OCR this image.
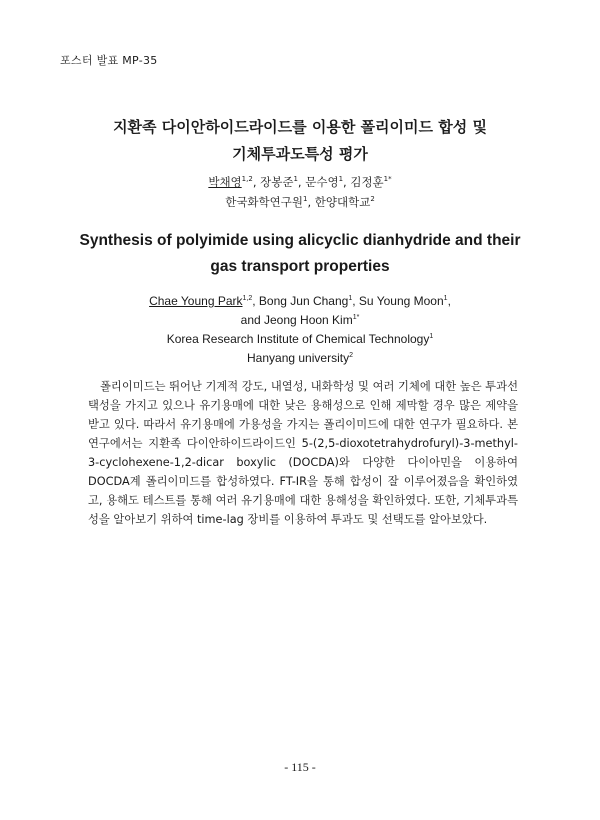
포스터 발표 MP-35
지환족 다이안하이드라이드를 이용한 폴리이미드 합성 및
기체투과도특성 평가
박채영$^{1,2}$, 장봉준$^1$, 문수영$^1$, 김정훈$^{1*}$
한국화학연구원$^1$, 한양대학교$^2$
Synthesis of polyimide using alicyclic dianhydride and their
gas transport properties
Chae Young Park$^{1,2}$, Bong Jun Chang$^1$, Su Young Moon$^1$,
and Jeong Hoon Kim$^{1*}$
Korea Research Institute of Chemical Technology$^1$
Hanyang university$^2$

폴리이미드는 뛰어난 기계적 강도, 내열성, 내화학성 및 여러 기체에 대한 높은 투과선택성을 가지고 있으나 유기용매에 대한 낮은 용해성으로 인해 제막할 경우 많은 제약을 받고 있다. 따라서 유기용매에 가용성을 가지는 폴리이미드에 대한 연구가 필요하다. 본 연구에서는 지환족 다이안하이드라이드인 5-(2,5-dioxotetrahydrofuryl)-3-methyl-3-cyclohexene-1,2-dicar boxylic (DOCDA)와 다양한 다이아민을 이용하여 DOCDA계 폴리이미드를 합성하였다. FT-IR을 통해 합성이 잘 이루어졌음을 확인하였고, 용해도 테스트를 통해 여러 유기용매에 대한 용해성을 확인하였다. 또한, 기체투과특성을 알아보기 위하여 time-lag 장비를 이용하여 투과도 및 선택도를 알아보았다.

- 115 -
